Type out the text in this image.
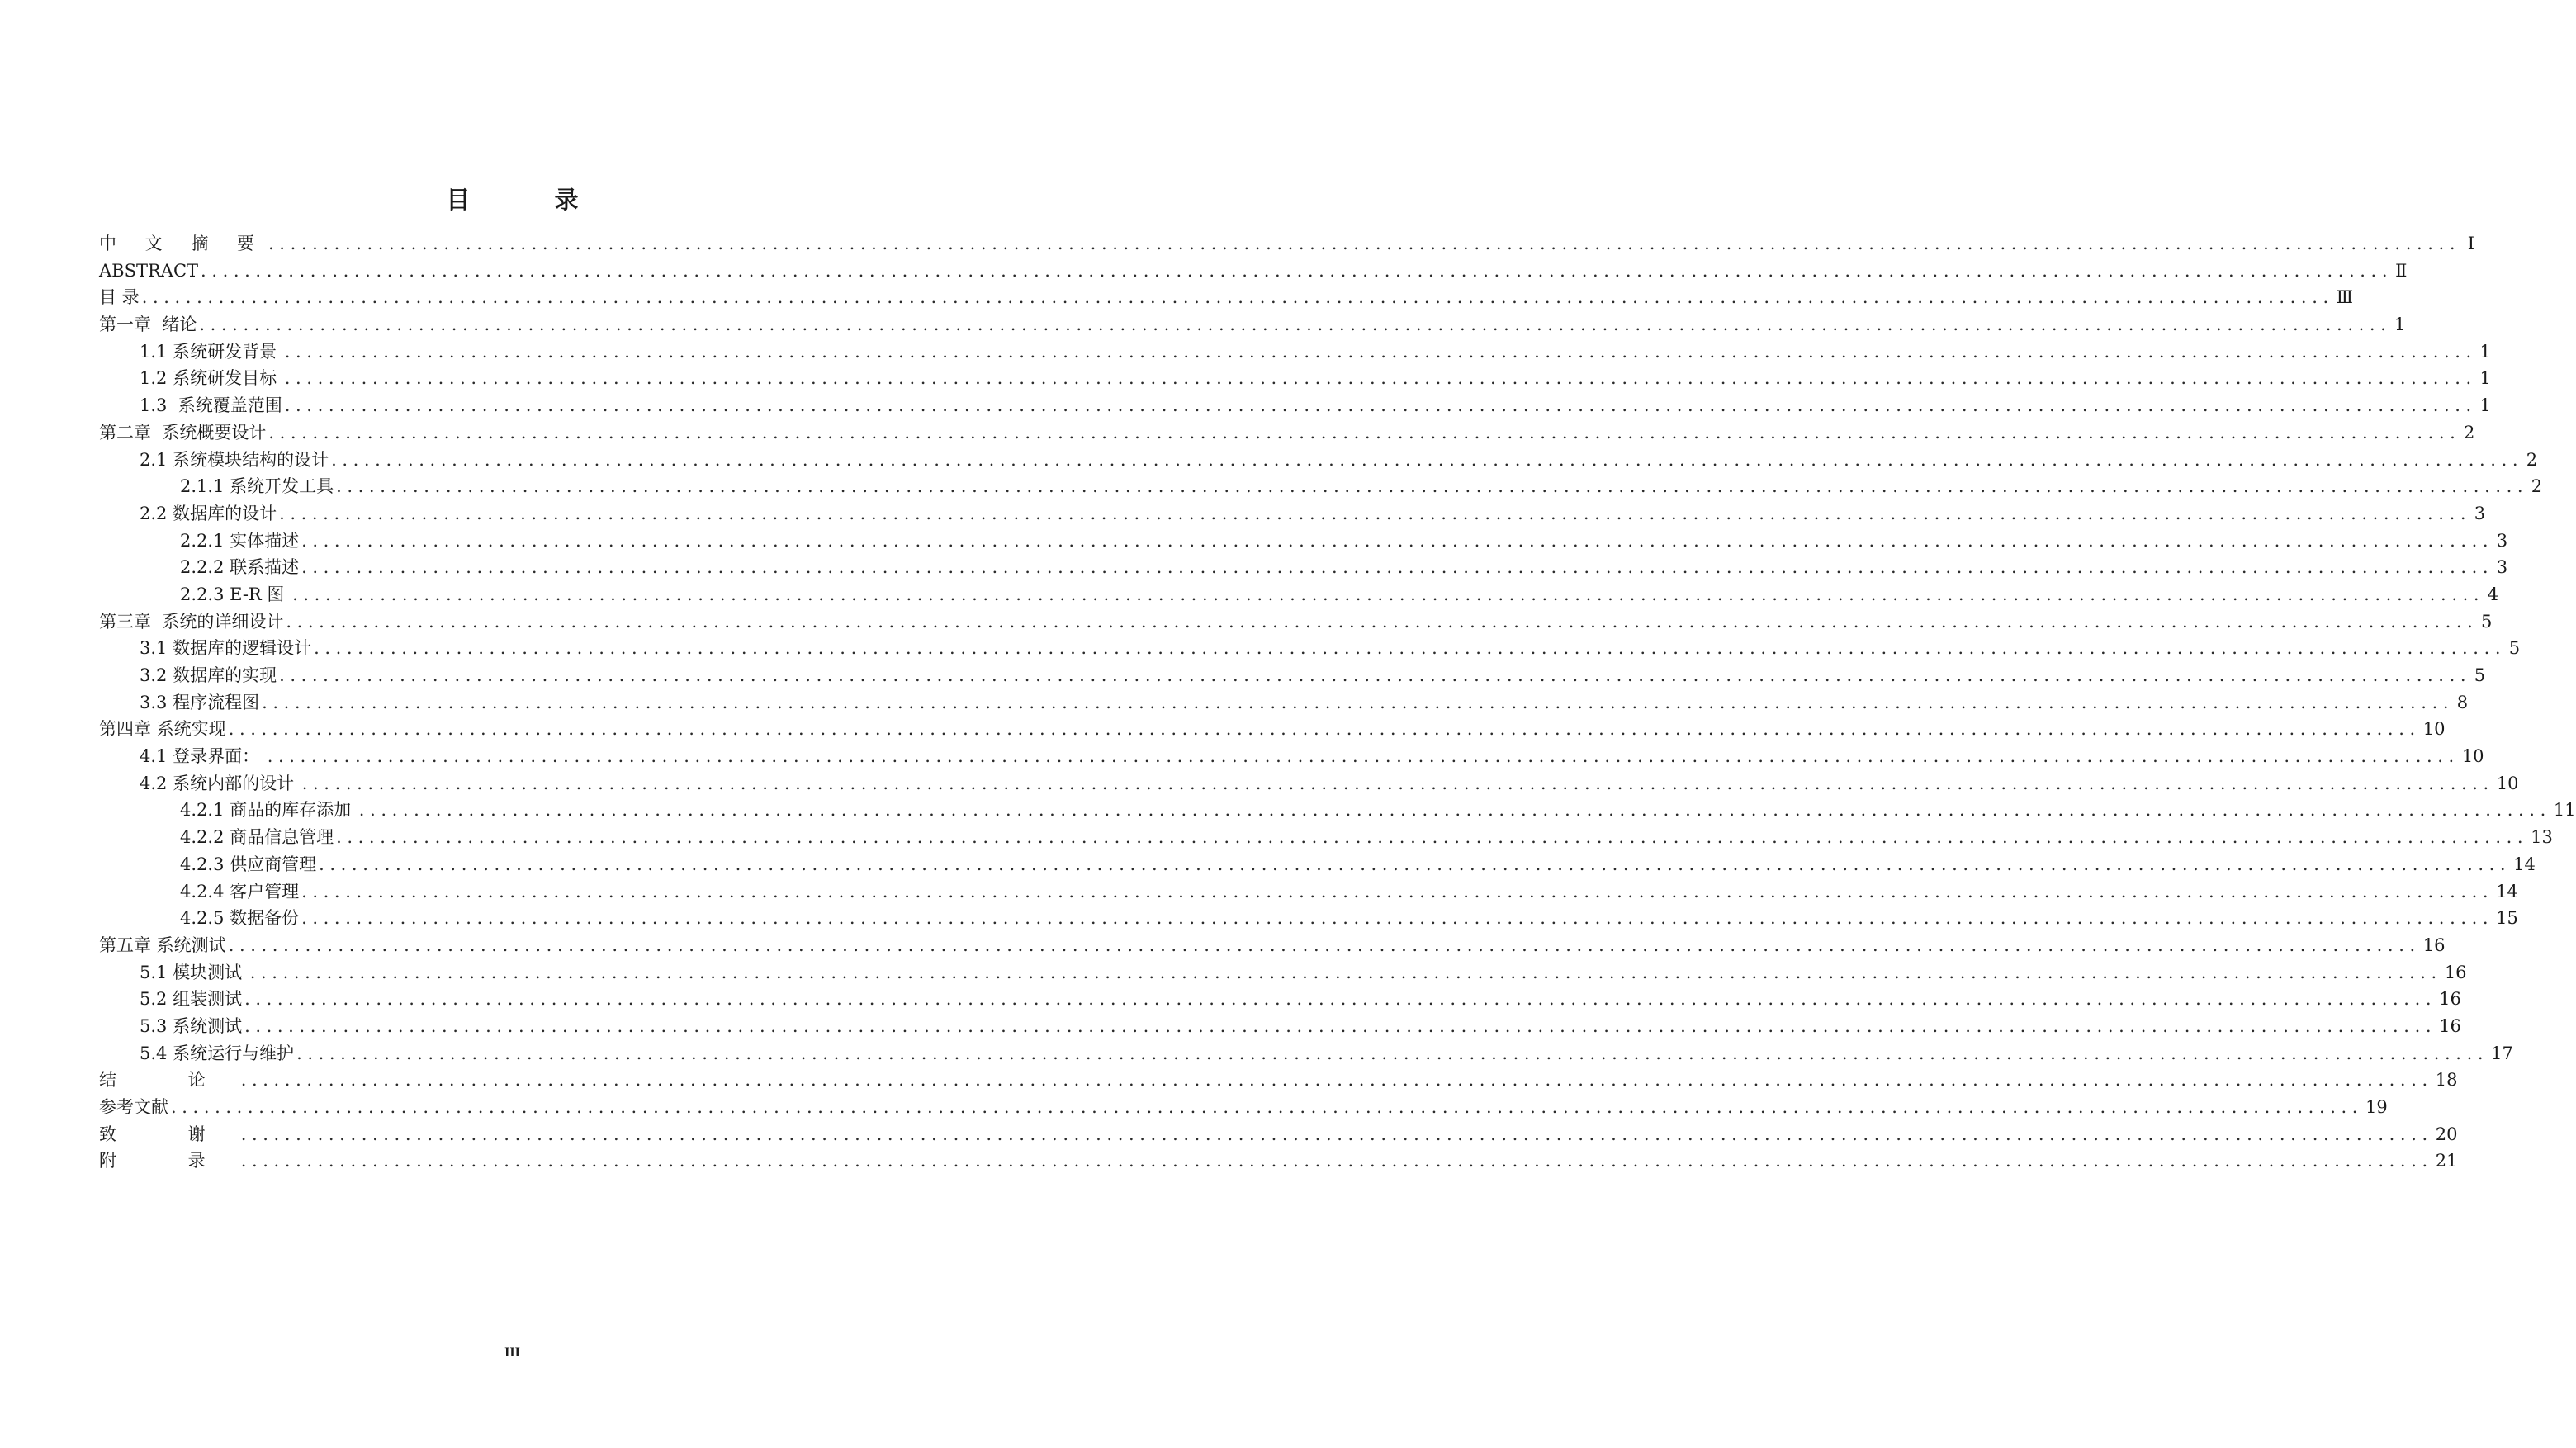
目 录
中 文 摘 要 ........................................................................................................................................................................................................ Ⅰ
ABSTRACT ........................................................................................................................................................................................................ Ⅱ
目 录 ........................................................................................................................................................................................................ Ⅲ
第一章  绪论 ........................................................................................................................................................................................................ 1
1.1 系统研发背景 ........................................................................................................................................................................................................ 1
1.2 系统研发目标 ........................................................................................................................................................................................................ 1
1.3  系统覆盖范围 ........................................................................................................................................................................................................ 1
第二章  系统概要设计 ........................................................................................................................................................................................................ 2
2.1 系统模块结构的设计 ........................................................................................................................................................................................................ 2
2.1.1 系统开发工具 ........................................................................................................................................................................................................ 2
2.2 数据库的设计 ........................................................................................................................................................................................................ 3
2.2.1 实体描述 ........................................................................................................................................................................................................ 3
2.2.2 联系描述 ........................................................................................................................................................................................................ 3
2.2.3 E-R 图 ........................................................................................................................................................................................................ 4
第三章  系统的详细设计 ........................................................................................................................................................................................................ 5
3.1 数据库的逻辑设计 ........................................................................................................................................................................................................ 5
3.2 数据库的实现 ........................................................................................................................................................................................................ 5
3.3 程序流程图 ........................................................................................................................................................................................................ 8
第四章 系统实现 ........................................................................................................................................................................................................ 10
4.1 登录界面： ........................................................................................................................................................................................................ 10
4.2 系统内部的设计 ........................................................................................................................................................................................................ 10
4.2.1 商品的库存添加 ........................................................................................................................................................................................................ 11
4.2.2 商品信息管理 ........................................................................................................................................................................................................ 13
4.2.3 供应商管理 ........................................................................................................................................................................................................ 14
4.2.4 客户管理 ........................................................................................................................................................................................................ 14
4.2.5 数据备份 ........................................................................................................................................................................................................ 15
第五章 系统测试 ........................................................................................................................................................................................................ 16
5.1 模块测试 ........................................................................................................................................................................................................ 16
5.2 组装测试 ........................................................................................................................................................................................................ 16
5.3 系统测试 ........................................................................................................................................................................................................ 16
5.4 系统运行与维护 ........................................................................................................................................................................................................ 17
结 论 ........................................................................................................................................................................................................ 18
参考文献 ........................................................................................................................................................................................................ 19
致 谢 ........................................................................................................................................................................................................ 20
附 录 ........................................................................................................................................................................................................ 21
III
